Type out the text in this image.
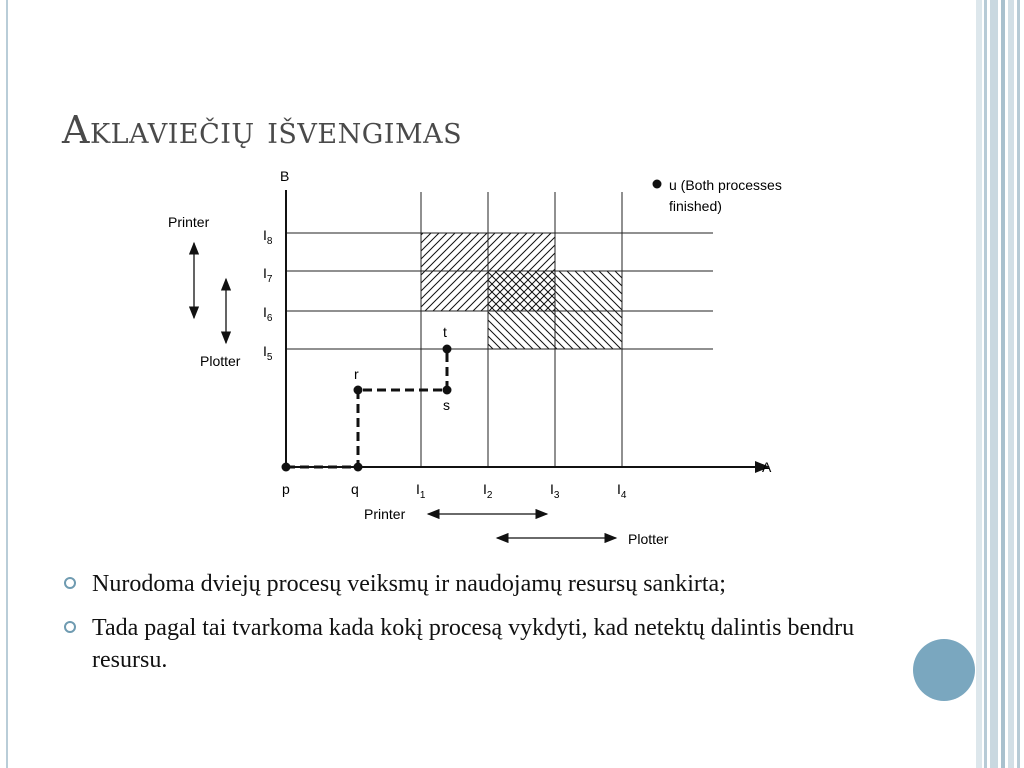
Aklaviečių išvengimas
A
B
p	q
r
s
t
$I_1$	$I_2$	$I_3$	$I_4$
$I_5$
$I_6$
$I_7$
$I_8$
u (Both processes
finished)
Printer
Plotter
Printer
Plotter
Nurodoma dviejų procesų veiksmų ir naudojamų resursų sankirta;
Tada pagal tai tvarkoma kada kokį procesą vykdyti, kad netektų dalintis bendru resursu.
